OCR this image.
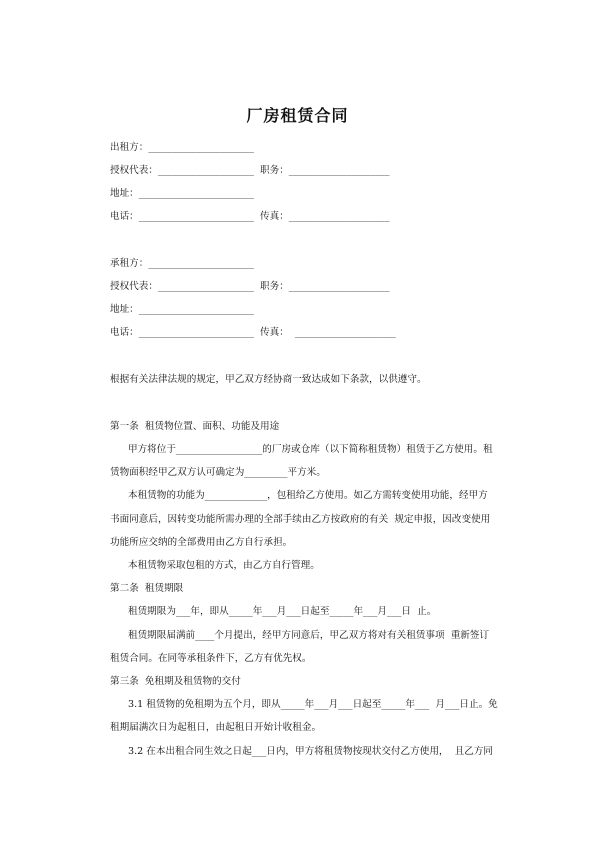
厂房租赁合同
出租方：______________________
授权代表：____________________  职务：_____________________
地址：________________________
电话：________________________  传真：_____________________
承租方：______________________
授权代表：____________________  职务：_____________________
地址：________________________
电话：________________________  传真：  _____________________
根据有关法律法规的规定，甲乙双方经协商一致达成如下条款，以供遵守。
第一条  租赁物位置、面积、功能及用途
甲方将位于__________________的厂房或仓库（以下简称租赁物）租赁于乙方使用。租
赁物面积经甲乙双方认可确定为_________平方米。
本租赁物的功能为_____________，包租给乙方使用。如乙方需转变使用功能，经甲方
书面同意后，因转变功能所需办理的全部手续由乙方按政府的有关  规定申报，因改变使用
功能所应交纳的全部费用由乙方自行承担。
本租赁物采取包租的方式，由乙方自行管理。
第二条  租赁期限
租赁期限为___年，即从_____年___月___日起至_____年___月___日  止。
租赁期限届满前____个月提出，经甲方同意后，甲乙双方将对有关租赁事项  重新签订
租赁合同。在同等承租条件下，乙方有优先权。
第三条  免租期及租赁物的交付
3.1 租赁物的免租期为五个月，即从_____年___月___日起至_____年___  月___日止。免
租期届满次日为起租日，由起租日开始计收租金。
3.2 在本出租合同生效之日起___日内，甲方将租赁物按现状交付乙方使用，  且乙方同
